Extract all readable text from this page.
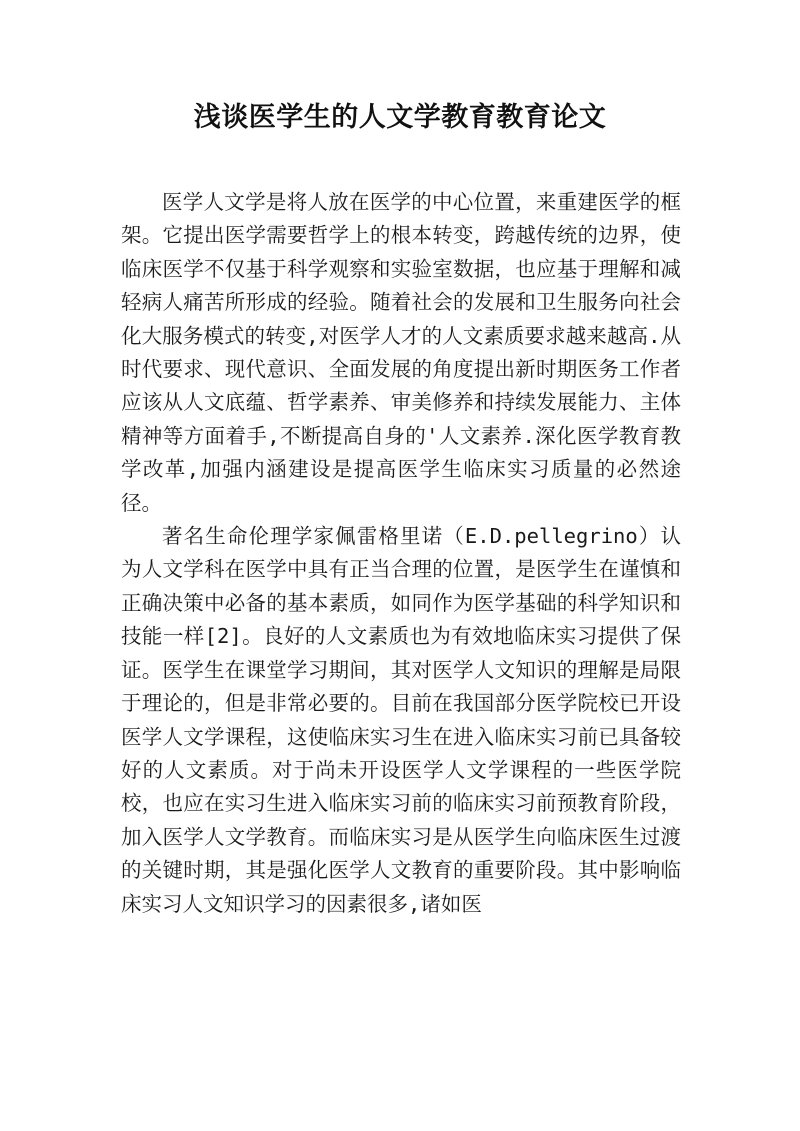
浅谈医学生的人文学教育教育论文

医学人文学是将人放在医学的中心位置，来重建医学的框架。它提出医学需要哲学上的根本转变，跨越传统的边界，使临床医学不仅基于科学观察和实验室数据，也应基于理解和减轻病人痛苦所形成的经验。随着社会的发展和卫生服务向社会化大服务模式的转变,对医学人才的人文素质要求越来越高.从时代要求、现代意识、全面发展的角度提出新时期医务工作者应该从人文底蕴、哲学素养、审美修养和持续发展能力、主体精神等方面着手,不断提高自身的'人文素养.深化医学教育教学改革,加强内涵建设是提高医学生临床实习质量的必然途径。

著名生命伦理学家佩雷格里诺（E.D.pellegrino）认为人文学科在医学中具有正当合理的位置，是医学生在谨慎和正确决策中必备的基本素质，如同作为医学基础的科学知识和技能一样[2]。良好的人文素质也为有效地临床实习提供了保证。医学生在课堂学习期间，其对医学人文知识的理解是局限于理论的，但是非常必要的。目前在我国部分医学院校已开设医学人文学课程，这使临床实习生在进入临床实习前已具备较好的人文素质。对于尚未开设医学人文学课程的一些医学院校，也应在实习生进入临床实习前的临床实习前预教育阶段，加入医学人文学教育。而临床实习是从医学生向临床医生过渡的关键时期，其是强化医学人文教育的重要阶段。其中影响临床实习人文知识学习的因素很多,诸如医
